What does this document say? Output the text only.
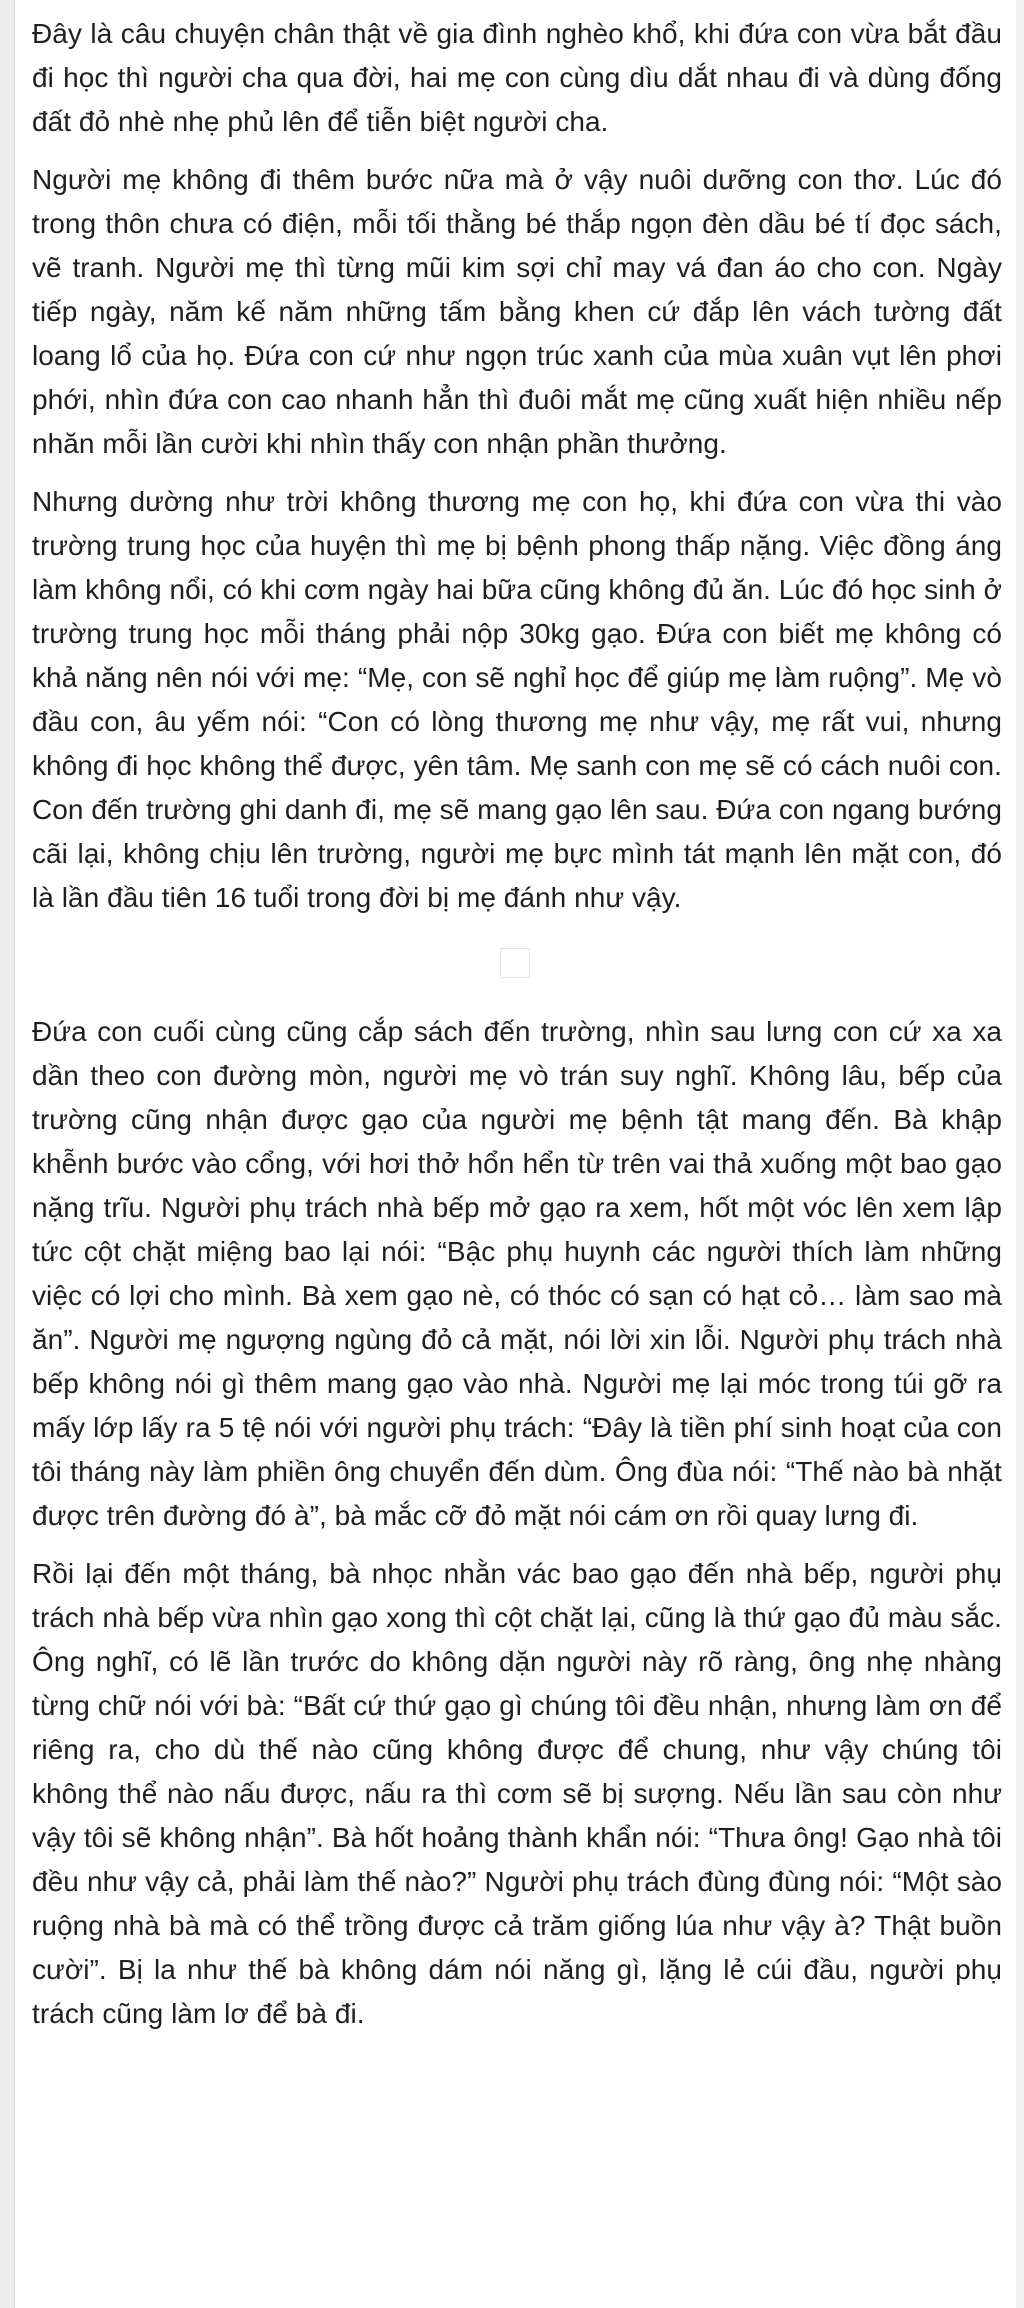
Đây là câu chuyện chân thật về gia đình nghèo khổ, khi đứa con vừa bắt đầu đi học thì người cha qua đời, hai mẹ con cùng dìu dắt nhau đi và dùng đống đất đỏ nhè nhẹ phủ lên để tiễn biệt người cha.

Người mẹ không đi thêm bước nữa mà ở vậy nuôi dưỡng con thơ. Lúc đó trong thôn chưa có điện, mỗi tối thằng bé thắp ngọn đèn dầu bé tí đọc sách, vẽ tranh. Người mẹ thì từng mũi kim sợi chỉ may vá đan áo cho con. Ngày tiếp ngày, năm kế năm những tấm bằng khen cứ đắp lên vách tường đất loang lổ của họ. Đứa con cứ như ngọn trúc xanh của mùa xuân vụt lên phơi phới, nhìn đứa con cao nhanh hẳn thì đuôi mắt mẹ cũng xuất hiện nhiều nếp nhăn mỗi lần cười khi nhìn thấy con nhận phần thưởng.

Nhưng dường như trời không thương mẹ con họ, khi đứa con vừa thi vào trường trung học của huyện thì mẹ bị bệnh phong thấp nặng. Việc đồng áng làm không nổi, có khi cơm ngày hai bữa cũng không đủ ăn. Lúc đó học sinh ở trường trung học mỗi tháng phải nộp 30kg gạo. Đứa con biết mẹ không có khả năng nên nói với mẹ: “Mẹ, con sẽ nghỉ học để giúp mẹ làm ruộng”. Mẹ vò đầu con, âu yếm nói: “Con có lòng thương mẹ như vậy, mẹ rất vui, nhưng không đi học không thể được, yên tâm. Mẹ sanh con mẹ sẽ có cách nuôi con. Con đến trường ghi danh đi, mẹ sẽ mang gạo lên sau. Đứa con ngang bướng cãi lại, không chịu lên trường, người mẹ bực mình tát mạnh lên mặt con, đó là lần đầu tiên 16 tuổi trong đời bị mẹ đánh như vậy.

Đứa con cuối cùng cũng cắp sách đến trường, nhìn sau lưng con cứ xa xa dần theo con đường mòn, người mẹ vò trán suy nghĩ. Không lâu, bếp của trường cũng nhận được gạo của người mẹ bệnh tật mang đến. Bà khập khễnh bước vào cổng, với hơi thở hổn hển từ trên vai thả xuống một bao gạo nặng trĩu. Người phụ trách nhà bếp mở gạo ra xem, hốt một vóc lên xem lập tức cột chặt miệng bao lại nói: “Bậc phụ huynh các người thích làm những việc có lợi cho mình. Bà xem gạo nè, có thóc có sạn có hạt cỏ… làm sao mà ăn”. Người mẹ ngượng ngùng đỏ cả mặt, nói lời xin lỗi. Người phụ trách nhà bếp không nói gì thêm mang gạo vào nhà. Người mẹ lại móc trong túi gỡ ra mấy lớp lấy ra 5 tệ nói với người phụ trách: “Đây là tiền phí sinh hoạt của con tôi tháng này làm phiền ông chuyển đến dùm. Ông đùa nói: “Thế nào bà nhặt được trên đường đó à”, bà mắc cỡ đỏ mặt nói cám ơn rồi quay lưng đi.

Rồi lại đến một tháng, bà nhọc nhằn vác bao gạo đến nhà bếp, người phụ trách nhà bếp vừa nhìn gạo xong thì cột chặt lại, cũng là thứ gạo đủ màu sắc. Ông nghĩ, có lẽ lần trước do không dặn người này rõ ràng, ông nhẹ nhàng từng chữ nói với bà: “Bất cứ thứ gạo gì chúng tôi đều nhận, nhưng làm ơn để riêng ra, cho dù thế nào cũng không được để chung, như vậy chúng tôi không thể nào nấu được, nấu ra thì cơm sẽ bị sượng. Nếu lần sau còn như vậy tôi sẽ không nhận”. Bà hốt hoảng thành khẩn nói: “Thưa ông! Gạo nhà tôi đều như vậy cả, phải làm thế nào?” Người phụ trách đùng đùng nói: “Một sào ruộng nhà bà mà có thể trồng được cả trăm giống lúa như vậy à? Thật buồn cười”. Bị la như thế bà không dám nói năng gì, lặng lẻ cúi đầu, người phụ trách cũng làm lơ để bà đi.
